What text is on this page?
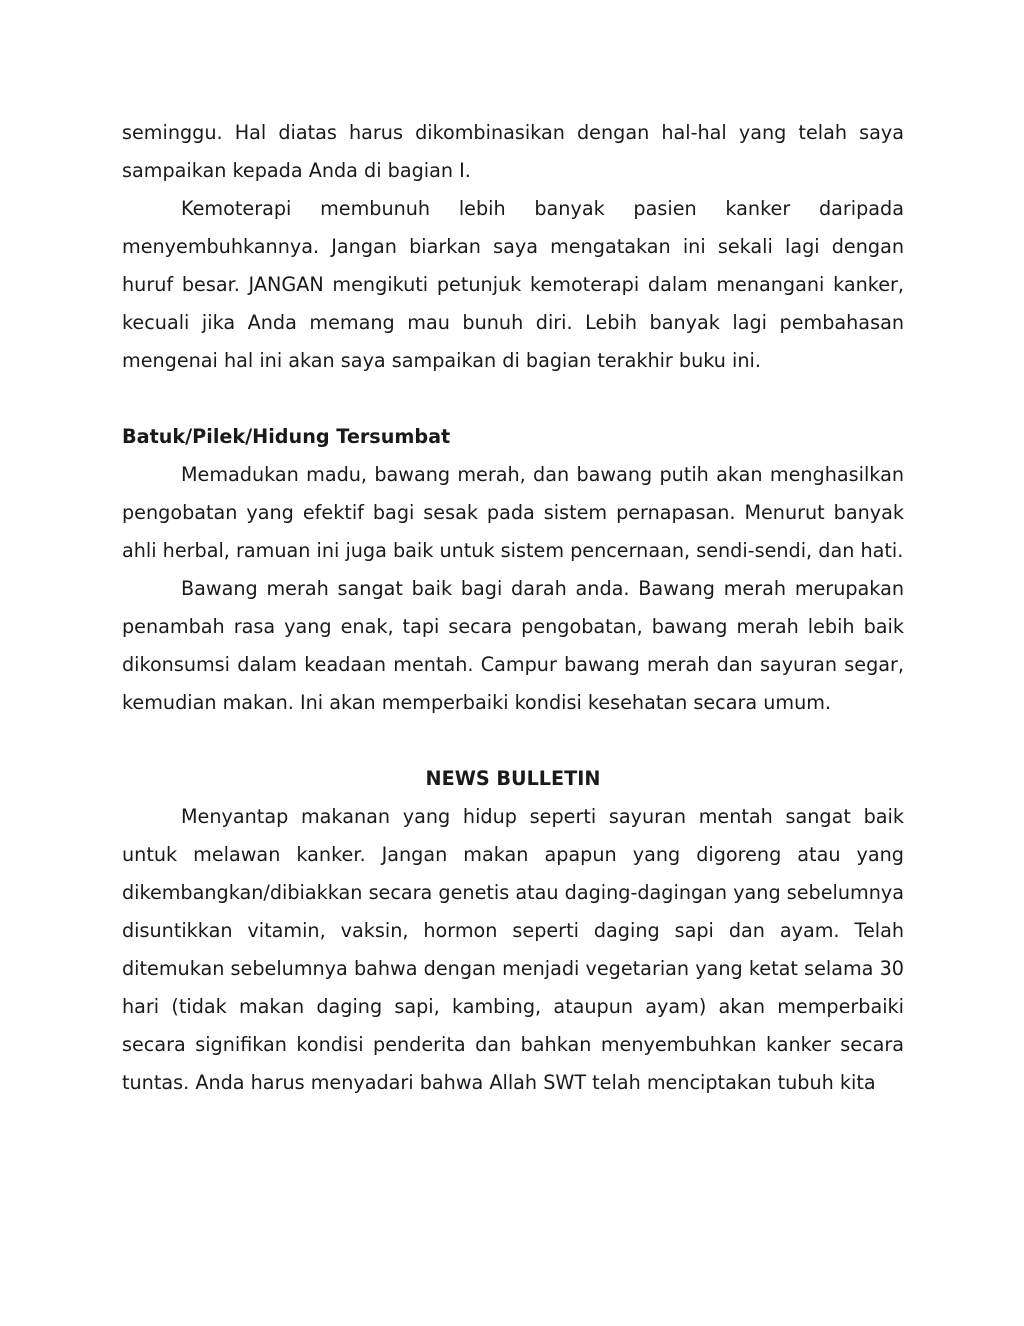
seminggu. Hal diatas harus dikombinasikan dengan hal-hal yang telah saya sampaikan kepada Anda di bagian I.

Kemoterapi membunuh lebih banyak pasien kanker daripada menyembuhkannya. Jangan biarkan saya mengatakan ini sekali lagi dengan huruf besar. JANGAN mengikuti petunjuk kemoterapi dalam menangani kanker, kecuali jika Anda memang mau bunuh diri. Lebih banyak lagi pembahasan mengenai hal ini akan saya sampaikan di bagian terakhir buku ini.

Batuk/Pilek/Hidung Tersumbat

Memadukan madu, bawang merah, dan bawang putih akan menghasilkan pengobatan yang efektif bagi sesak pada sistem pernapasan. Menurut banyak ahli herbal, ramuan ini juga baik untuk sistem pencernaan, sendi-sendi, dan hati.

Bawang merah sangat baik bagi darah anda. Bawang merah merupakan penambah rasa yang enak, tapi secara pengobatan, bawang merah lebih baik dikonsumsi dalam keadaan mentah. Campur bawang merah dan sayuran segar, kemudian makan. Ini akan memperbaiki kondisi kesehatan secara umum.

NEWS BULLETIN

Menyantap makanan yang hidup seperti sayuran mentah sangat baik untuk melawan kanker. Jangan makan apapun yang digoreng atau yang dikembangkan/dibiakkan secara genetis atau daging-dagingan yang sebelumnya disuntikkan vitamin, vaksin, hormon seperti daging sapi dan ayam. Telah ditemukan sebelumnya bahwa dengan menjadi vegetarian yang ketat selama 30 hari (tidak makan daging sapi, kambing, ataupun ayam) akan memperbaiki secara signifikan kondisi penderita dan bahkan menyembuhkan kanker secara tuntas. Anda harus menyadari bahwa Allah SWT telah menciptakan tubuh kita
